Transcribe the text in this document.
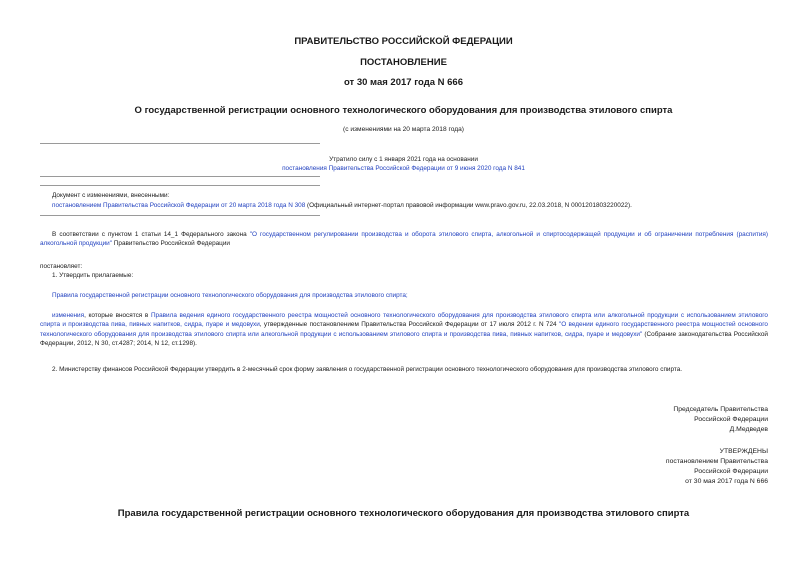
ПРАВИТЕЛЬСТВО РОССИЙСКОЙ ФЕДЕРАЦИИ
ПОСТАНОВЛЕНИЕ
от 30 мая 2017 года N 666
О государственной регистрации основного технологического оборудования для производства этилового спирта
(с изменениями на 20 марта 2018 года)
Утратило силу с 1 января 2021 года на основании
постановления Правительства Российской Федерации от 9 июня 2020 года N 841
Документ с изменениями, внесенными:
постановлением Правительства Российской Федерации от 20 марта 2018 года N 308 (Официальный интернет-портал правовой информации www.pravo.gov.ru, 22.03.2018, N 0001201803220022).
В соответствии с пунктом 1 статьи 14_1 Федерального закона "О государственном регулировании производства и оборота этилового спирта, алкогольной и спиртосодержащей продукции и об ограничении потребления (распития) алкогольной продукции" Правительство Российской Федерации
постановляет:
1. Утвердить прилагаемые:
Правила государственной регистрации основного технологического оборудования для производства этилового спирта;
изменения, которые вносятся в Правила ведения единого государственного реестра мощностей основного технологического оборудования для производства этилового спирта или алкогольной продукции с использованием этилового спирта и производства пива, пивных напитков, сидра, пуаре и медовухи, утвержденные постановлением Правительства Российской Федерации от 17 июля 2012 г. N 724 "О ведении единого государственного реестра мощностей основного технологического оборудования для производства этилового спирта или алкогольной продукции с использованием этилового спирта и производства пива, пивных напитков, сидра, пуаре и медовухи" (Собрание законодательства Российской Федерации, 2012, N 30, ст.4287; 2014, N 12, ст.1298).
2. Министерству финансов Российской Федерации утвердить в 2-месячный срок форму заявления о государственной регистрации основного технологического оборудования для производства этилового спирта.
Председатель Правительства
Российской Федерации
Д.Медведев
УТВЕРЖДЕНЫ
постановлением Правительства
Российской Федерации
от 30 мая 2017 года N 666
Правила государственной регистрации основного технологического оборудования для производства этилового спирта
